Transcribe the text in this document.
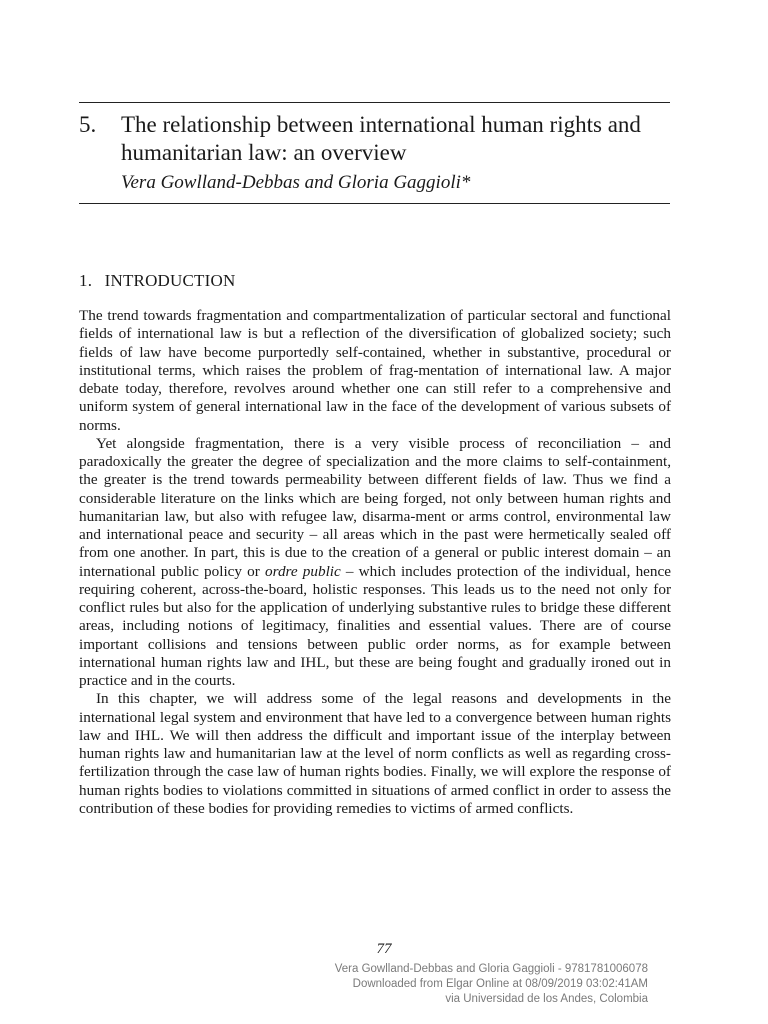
5. The relationship between international human rights and humanitarian law: an overview
Vera Gowlland-Debbas and Gloria Gaggioli*
1. INTRODUCTION

The trend towards fragmentation and compartmentalization of particular sectoral and functional fields of international law is but a reflection of the diversification of globalized society; such fields of law have become purportedly self-contained, whether in substantive, procedural or institutional terms, which raises the problem of frag-mentation of international law. A major debate today, therefore, revolves around whether one can still refer to a comprehensive and uniform system of general international law in the face of the development of various subsets of norms.

Yet alongside fragmentation, there is a very visible process of reconciliation – and paradoxically the greater the degree of specialization and the more claims to self-containment, the greater is the trend towards permeability between different fields of law. Thus we find a considerable literature on the links which are being forged, not only between human rights and humanitarian law, but also with refugee law, disarma-ment or arms control, environmental law and international peace and security – all areas which in the past were hermetically sealed off from one another. In part, this is due to the creation of a general or public interest domain – an international public policy or ordre public – which includes protection of the individual, hence requiring coherent, across-the-board, holistic responses. This leads us to the need not only for conflict rules but also for the application of underlying substantive rules to bridge these different areas, including notions of legitimacy, finalities and essential values. There are of course important collisions and tensions between public order norms, as for example between international human rights law and IHL, but these are being fought and gradually ironed out in practice and in the courts.

In this chapter, we will address some of the legal reasons and developments in the international legal system and environment that have led to a convergence between human rights law and IHL. We will then address the difficult and important issue of the interplay between human rights law and humanitarian law at the level of norm conflicts as well as regarding cross-fertilization through the case law of human rights bodies. Finally, we will explore the response of human rights bodies to violations committed in situations of armed conflict in order to assess the contribution of these bodies for providing remedies to victims of armed conflicts.

77
Vera Gowlland-Debbas and Gloria Gaggioli - 9781781006078
Downloaded from Elgar Online at 08/09/2019 03:02:41AM
via Universidad de los Andes, Colombia
